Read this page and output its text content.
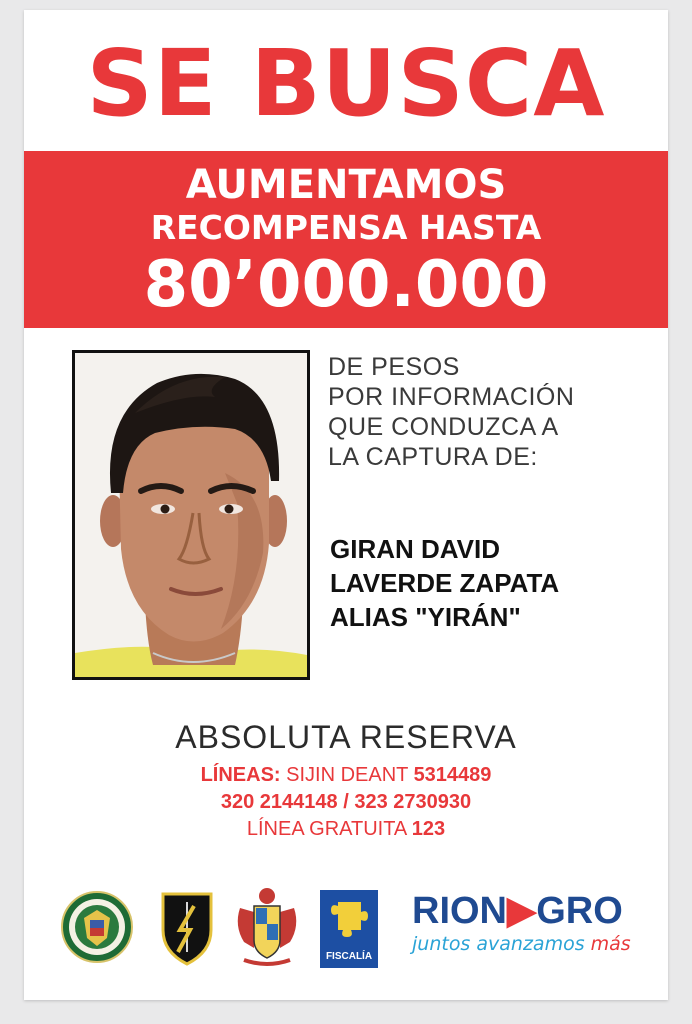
SE BUSCA
AUMENTAMOS
RECOMPENSA HASTA
80’000.000
DE PESOS
POR INFORMACIÓN
QUE CONDUZCA A
LA CAPTURA DE:
GIRAN DAVID
LAVERDE ZAPATA
ALIAS "YIRÁN"
ABSOLUTA RESERVA
LÍNEAS: SIJIN DEANT 5314489
320 2144148 / 323 2730930
LÍNEA GRATUITA 123
FISCALÍA
RION▶GRO
juntos avanzamos más
